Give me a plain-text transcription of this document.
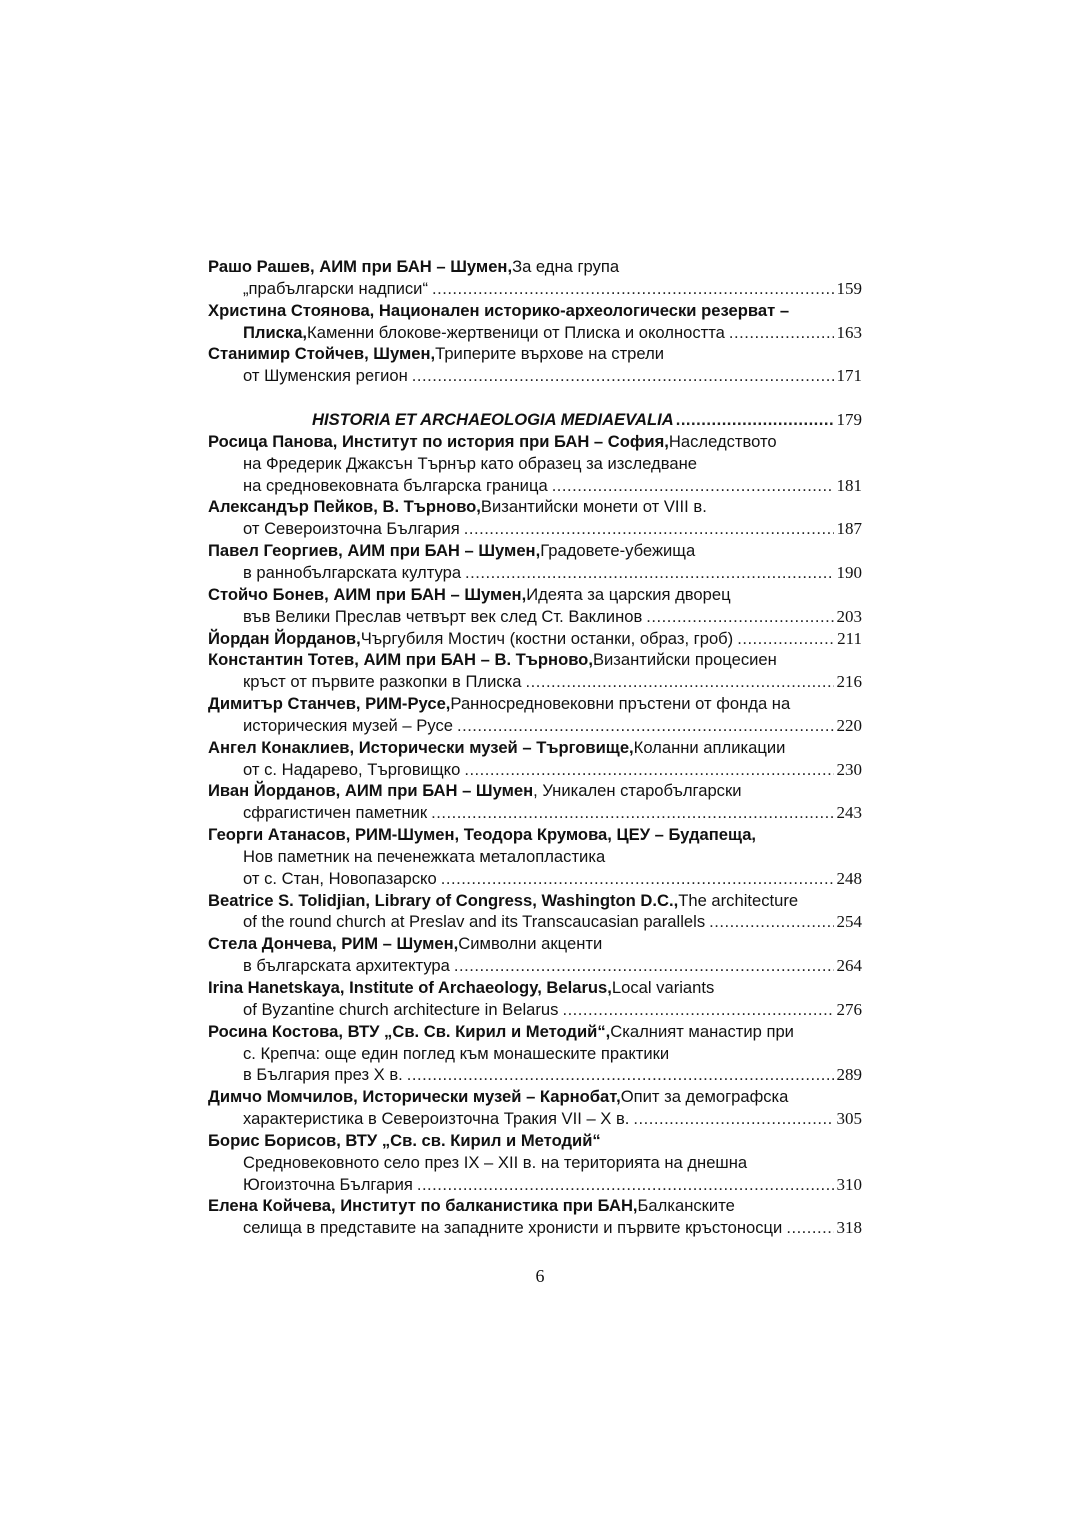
Рашо Рашев, АИМ при БАН – Шумен, За една група
„прабългарски надписи“ .....	159
Христина Стоянова, Национален историко-археологически резерват –
Плиска, Каменни блокове-жертвеници от Плиска и околността .....	163
Станимир Стойчев, Шумен, Триперите върхове на стрели
от Шуменския регион .....	171
HISTORIA ET ARCHAEOLOGIA MEDIAEVALIA .....	179
Росица Панова, Институт по история при БАН – София, Наследството
на Фредерик Джаксън Търнър като образец за изследване
на средновековната българска граница .....	181
Александър Пейков, В. Търново, Византийски монети от VIII в.
от Североизточна България .....	187
Павел Георгиев, АИМ при БАН – Шумен, Градовете-убежища
в раннобългарската култура .....	190
Стойчо Бонев, АИМ при БАН – Шумен, Идеята за царския дворец
във Велики Преслав четвърт век след Ст. Ваклинов .....	203
Йордан Йорданов, Чъргубиля Мостич (костни останки, образ, гроб) .....	211
Константин Тотев, АИМ при БАН – В. Търново, Византийски процесиен
кръст от първите разкопки в Плиска .....	216
Димитър Станчев, РИМ-Русе, Ранносредновековни пръстени от фонда на
историческия музей – Русе .....	220
Ангел Конаклиев, Исторически музей – Търговище, Коланни апликации
от с. Надарево, Търговищко .....	230
Иван Йорданов, АИМ при БАН – Шумен , Уникален старобългарски
сфрагистичен паметник .....	243
Георги Атанасов, РИМ-Шумен, Теодора Крумова, ЦЕУ – Будапеща,
Нов паметник на печенежката металопластика
от с. Стан, Новопазарско .....	248
Beatrice S. Tolidjian, Library of Congress, Washington D.C., The architecture
of the round church at Preslav and its Transcaucasian parallels .....	254
Стела Дончева, РИМ – Шумен, Символни акценти
в българската архитектура .....	264
Irina Hanetskaya, Institute of Archaeology, Belarus, Local variants
of Byzantine church architecture in Belarus .....	276
Росина Костова, ВТУ „Св. Св. Кирил и Методий“, Скалният манастир при
с. Крепча: още един поглед към монашеските практики
в България през Х в. .....	289
Димчо Момчилов, Исторически музей – Карнобат, Опит за демографска
характеристика в Североизточна Тракия VII – X в. .....	305
Борис Борисов, ВТУ „Св. св. Кирил и Методий“
Средновековното село през IX – XII в. на територията на днешна
Югоизточна България .....	310
Елена Койчева, Институт по балканистика при БАН, Балканските
селища в представите на западните хронисти и първите кръстоносци .....	318
6
